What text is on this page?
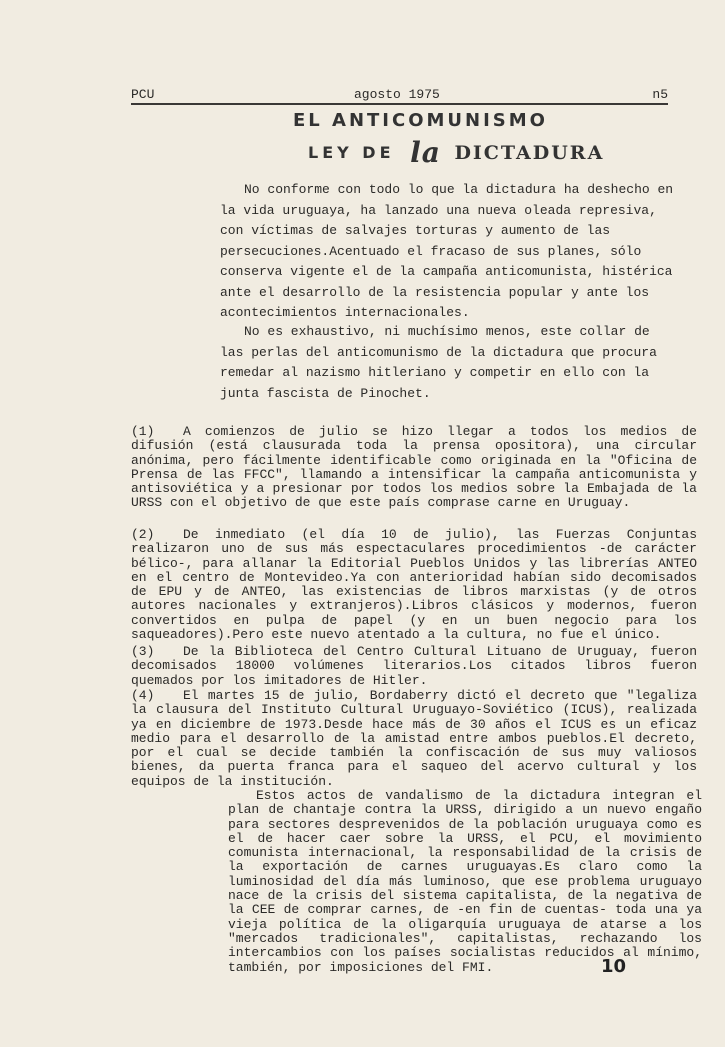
PCU	agosto 1975	n5
EL ANTICOMUNISMO
LEY DE la DICTADURA

No conforme con todo lo que la dictadura ha deshecho en la vida uruguaya, ha lanzado una nueva oleada represiva, con víctimas de salvajes torturas y aumento de las persecuciones.Acentuado el fracaso de sus planes, sólo conserva vigente el de la campaña anticomunista, histérica ante el desarrollo de la resistencia popular y ante los acontecimientos internacionales.

No es exhaustivo, ni muchísimo menos, este collar de las perlas del anticomunismo de la dictadura que procura remedar al nazismo hitleriano y competir en ello con la junta fascista de Pinochet.

(1) A comienzos de julio se hizo llegar a todos los medios de difusión (está clausurada toda la prensa opositora), una circular anónima, pero fácilmente identificable como originada en la "Oficina de Prensa de las FFCC", llamando a intensificar la campaña anticomunista y antisoviética y a presionar por todos los medios sobre la Embajada de la URSS con el objetivo de que este país comprase carne en Uruguay.

(2) De inmediato (el día 10 de julio), las Fuerzas Conjuntas realizaron uno de sus más espectaculares procedimientos -de carácter bélico-, para allanar la Editorial Pueblos Unidos y las librerías ANTEO en el centro de Montevideo.Ya con anterioridad habían sido decomisados de EPU y de ANTEO, las existencias de libros marxistas (y de otros autores nacionales y extranjeros).Libros clásicos y modernos, fueron convertidos en pulpa de papel (y en un buen negocio para los saqueadores).Pero este nuevo atentado a la cultura, no fue el único.

(3) De la Biblioteca del Centro Cultural Lituano de Uruguay, fueron decomisados 18000 volúmenes literarios.Los citados libros fueron quemados por los imitadores de Hitler.

(4) El martes 15 de julio, Bordaberry dictó el decreto que "legaliza la clausura del Instituto Cultural Uruguayo-Soviético (ICUS), realizada ya en diciembre de 1973.Desde hace más de 30 años el ICUS es un eficaz medio para el desarrollo de la amistad entre ambos pueblos.El decreto, por el cual se decide también la confiscación de sus muy valiosos bienes, da puerta franca para el saqueo del acervo cultural y los equipos de la institución.

Estos actos de vandalismo de la dictadura integran el plan de chantaje contra la URSS, dirigido a un nuevo engaño para sectores desprevenidos de la población uruguaya como es el de hacer caer sobre la URSS, el PCU, el movimiento comunista internacional, la responsabilidad de la crisis de la exportación de carnes uruguayas.Es claro como la luminosidad del día más luminoso, que ese problema uruguayo nace de la crisis del sistema capitalista, de la negativa de la CEE de comprar carnes, de -en fin de cuentas- toda una ya vieja política de la oligarquía uruguaya de atarse a los "mercados tradicionales", capitalistas, rechazando los intercambios con los países socialistas reducidos al mínimo, también, por imposiciones del FMI.	10
